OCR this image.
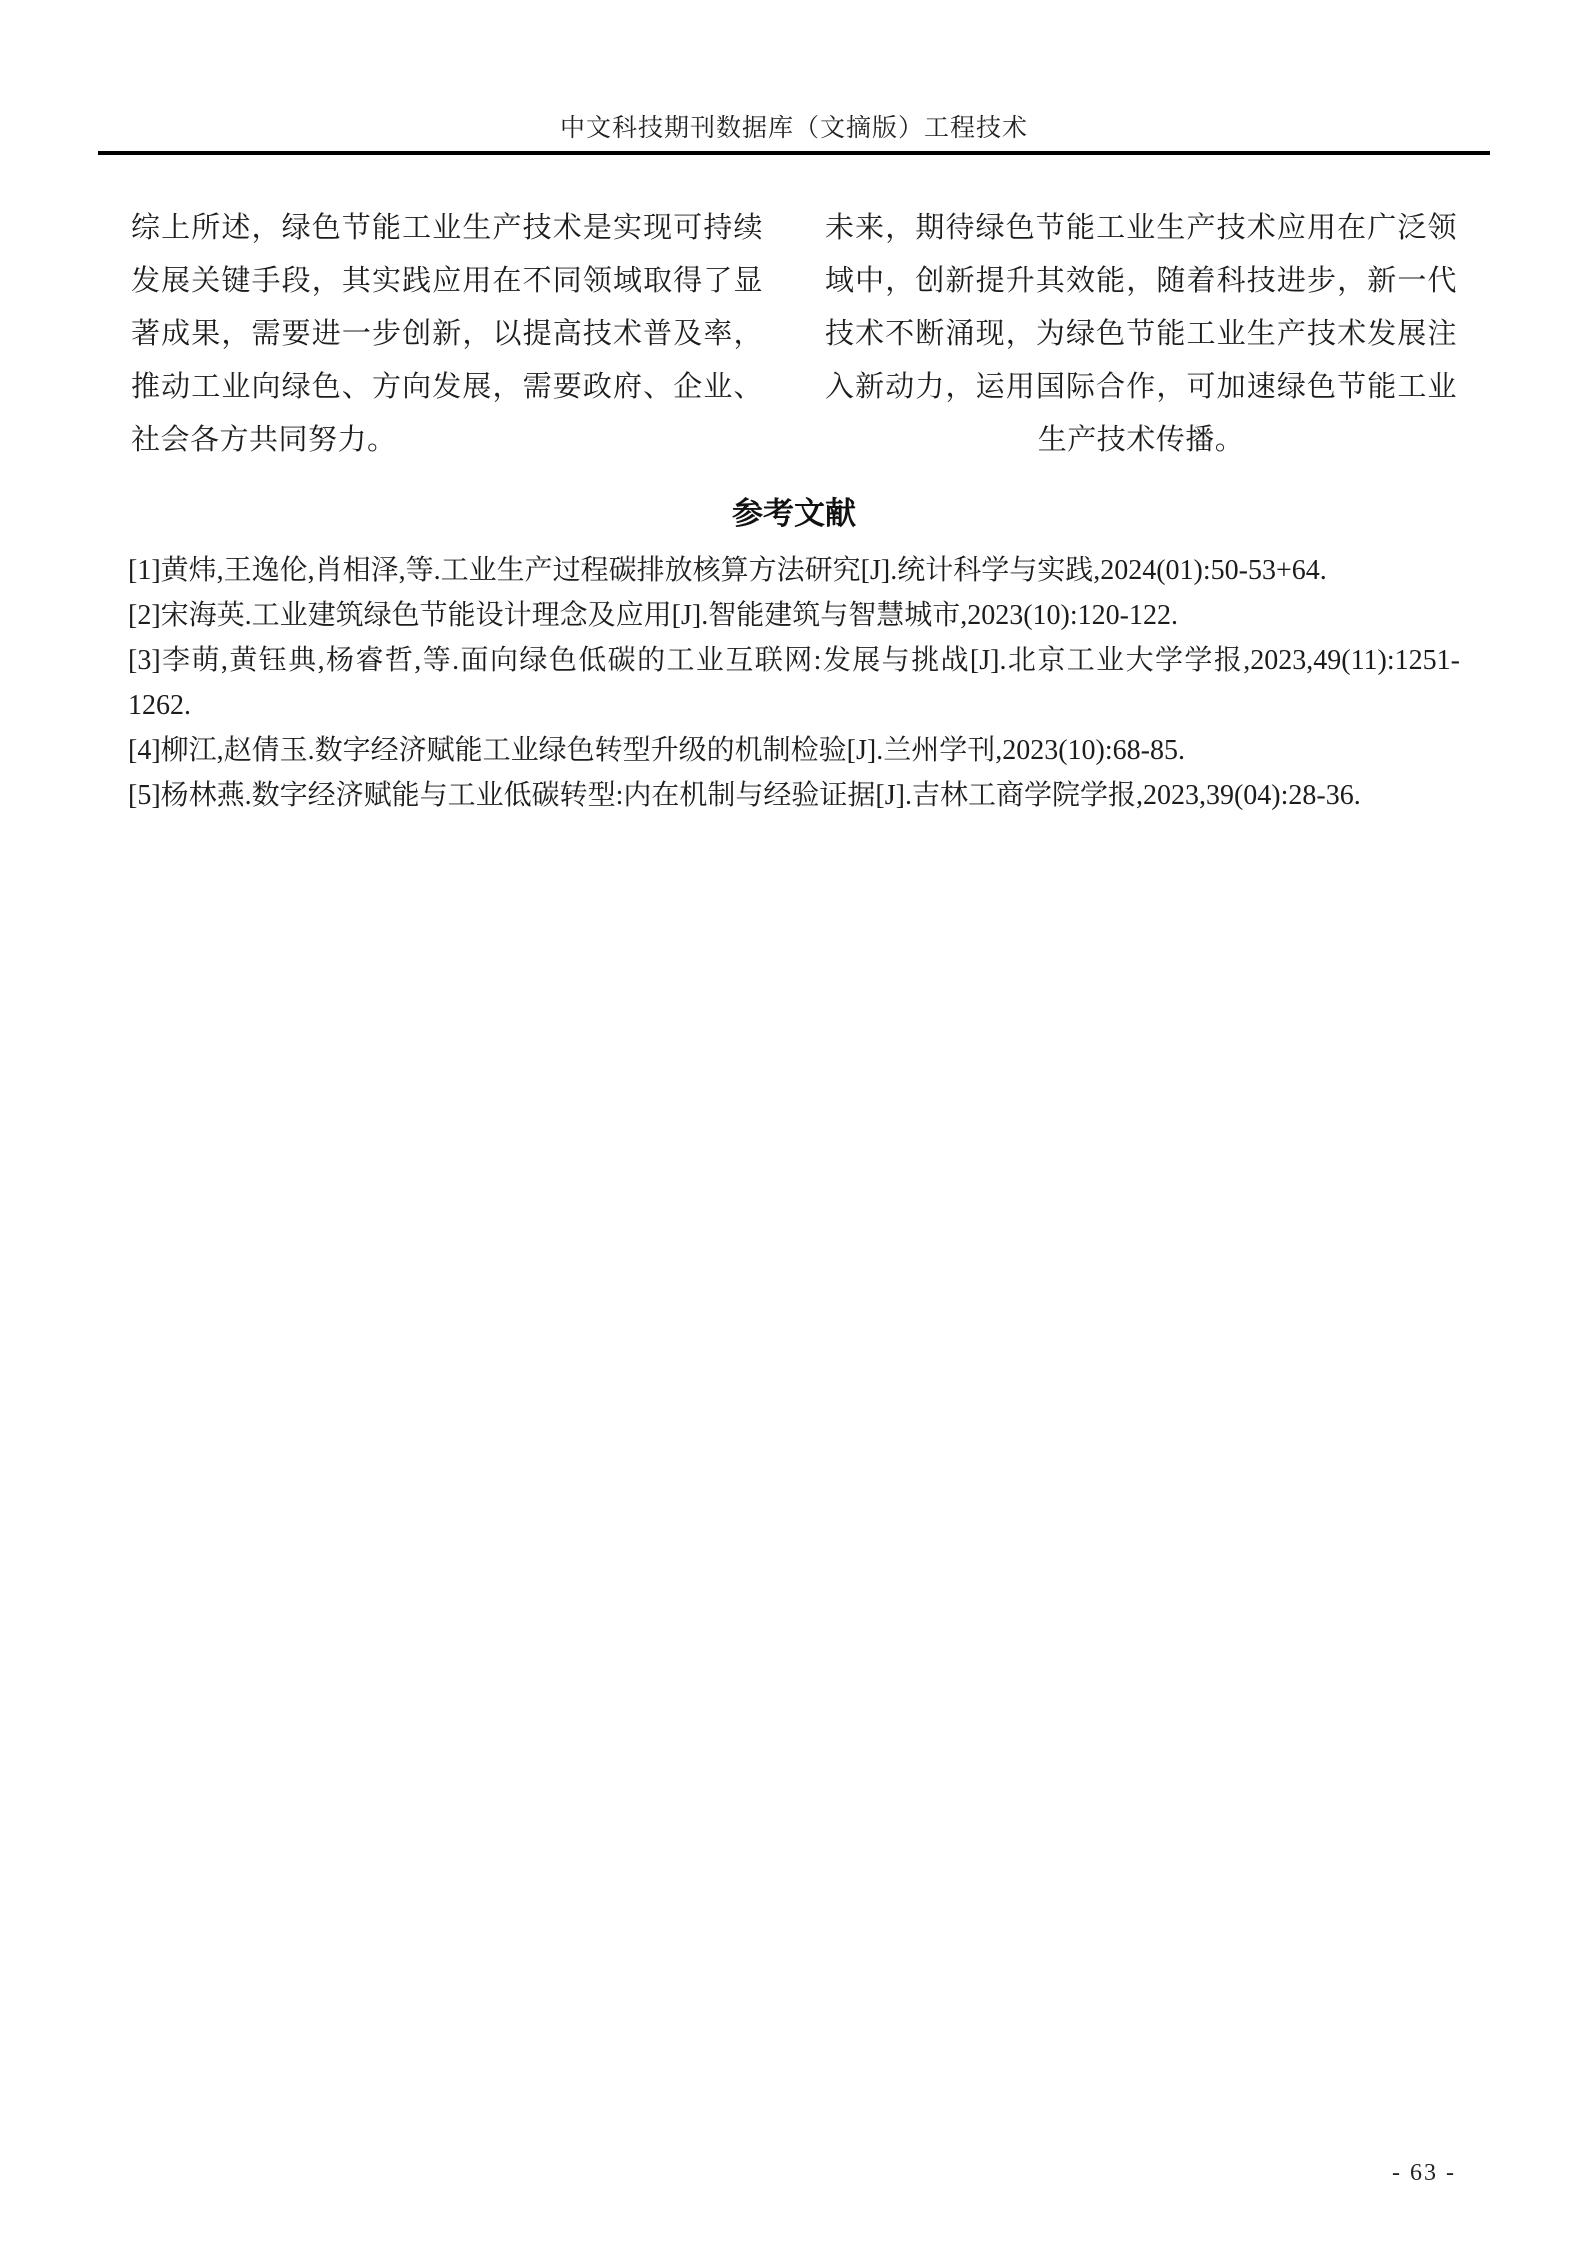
中文科技期刊数据库（文摘版）工程技术

综上所述，绿色节能工业生产技术是实现可持续发展关键手段，其实践应用在不同领域取得了显著成果，需要进一步创新，以提高技术普及率，推动工业向绿色、方向发展，需要政府、企业、社会各方共同努力。

未来，期待绿色节能工业生产技术应用在广泛领域中，创新提升其效能，随着科技进步，新一代技术不断涌现，为绿色节能工业生产技术发展注入新动力，运用国际合作，可加速绿色节能工业生产技术传播。

参考文献

[1]黄炜,王逸伦,肖相泽,等.工业生产过程碳排放核算方法研究[J].统计科学与实践,2024(01):50-53+64.

[2]宋海英.工业建筑绿色节能设计理念及应用[J].智能建筑与智慧城市,2023(10):120-122.

[3]李萌,黄钰典,杨睿哲,等.面向绿色低碳的工业互联网:发展与挑战[J].北京工业大学学报,2023,49(11):1251-1262.

[4]柳江,赵倩玉.数字经济赋能工业绿色转型升级的机制检验[J].兰州学刊,2023(10):68-85.

[5]杨林燕.数字经济赋能与工业低碳转型:内在机制与经验证据[J].吉林工商学院学报,2023,39(04):28-36.

- 63 -
